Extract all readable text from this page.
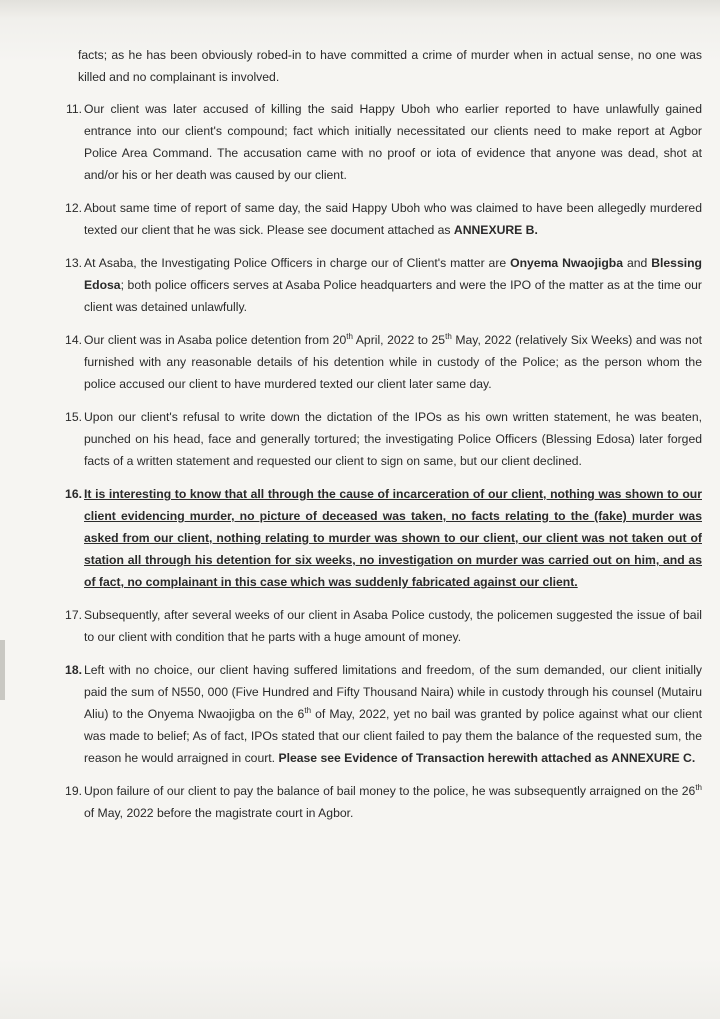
facts; as he has been obviously robed-in to have committed a crime of murder when in actual sense, no one was killed and no complainant is involved.

11. Our client was later accused of killing the said Happy Uboh who earlier reported to have unlawfully gained entrance into our client's compound; fact which initially necessitated our clients need to make report at Agbor Police Area Command. The accusation came with no proof or iota of evidence that anyone was dead, shot at and/or his or her death was caused by our client.
12. About same time of report of same day, the said Happy Uboh who was claimed to have been allegedly murdered texted our client that he was sick. Please see document attached as ANNEXURE B.
13. At Asaba, the Investigating Police Officers in charge our of Client's matter are Onyema Nwaojigba and Blessing Edosa; both police officers serves at Asaba Police headquarters and were the IPO of the matter as at the time our client was detained unlawfully.
14. Our client was in Asaba police detention from 20th April, 2022 to 25th May, 2022 (relatively Six Weeks) and was not furnished with any reasonable details of his detention while in custody of the Police; as the person whom the police accused our client to have murdered texted our client later same day.
15. Upon our client's refusal to write down the dictation of the IPOs as his own written statement, he was beaten, punched on his head, face and generally tortured; the investigating Police Officers (Blessing Edosa) later forged facts of a written statement and requested our client to sign on same, but our client declined.
16. It is interesting to know that all through the cause of incarceration of our client, nothing was shown to our client evidencing murder, no picture of deceased was taken, no facts relating to the (fake) murder was asked from our client, nothing relating to murder was shown to our client, our client was not taken out of station all through his detention for six weeks, no investigation on murder was carried out on him, and as of fact, no complainant in this case which was suddenly fabricated against our client.
17. Subsequently, after several weeks of our client in Asaba Police custody, the policemen suggested the issue of bail to our client with condition that he parts with a huge amount of money.
18. Left with no choice, our client having suffered limitations and freedom, of the sum demanded, our client initially paid the sum of N550, 000 (Five Hundred and Fifty Thousand Naira) while in custody through his counsel (Mutairu Aliu) to the Onyema Nwaojigba on the 6th of May, 2022, yet no bail was granted by police against what our client was made to belief; As of fact, IPOs stated that our client failed to pay them the balance of the requested sum, the reason he would arraigned in court. Please see Evidence of Transaction herewith attached as ANNEXURE C.
19. Upon failure of our client to pay the balance of bail money to the police, he was subsequently arraigned on the 26th of May, 2022 before the magistrate court in Agbor.
